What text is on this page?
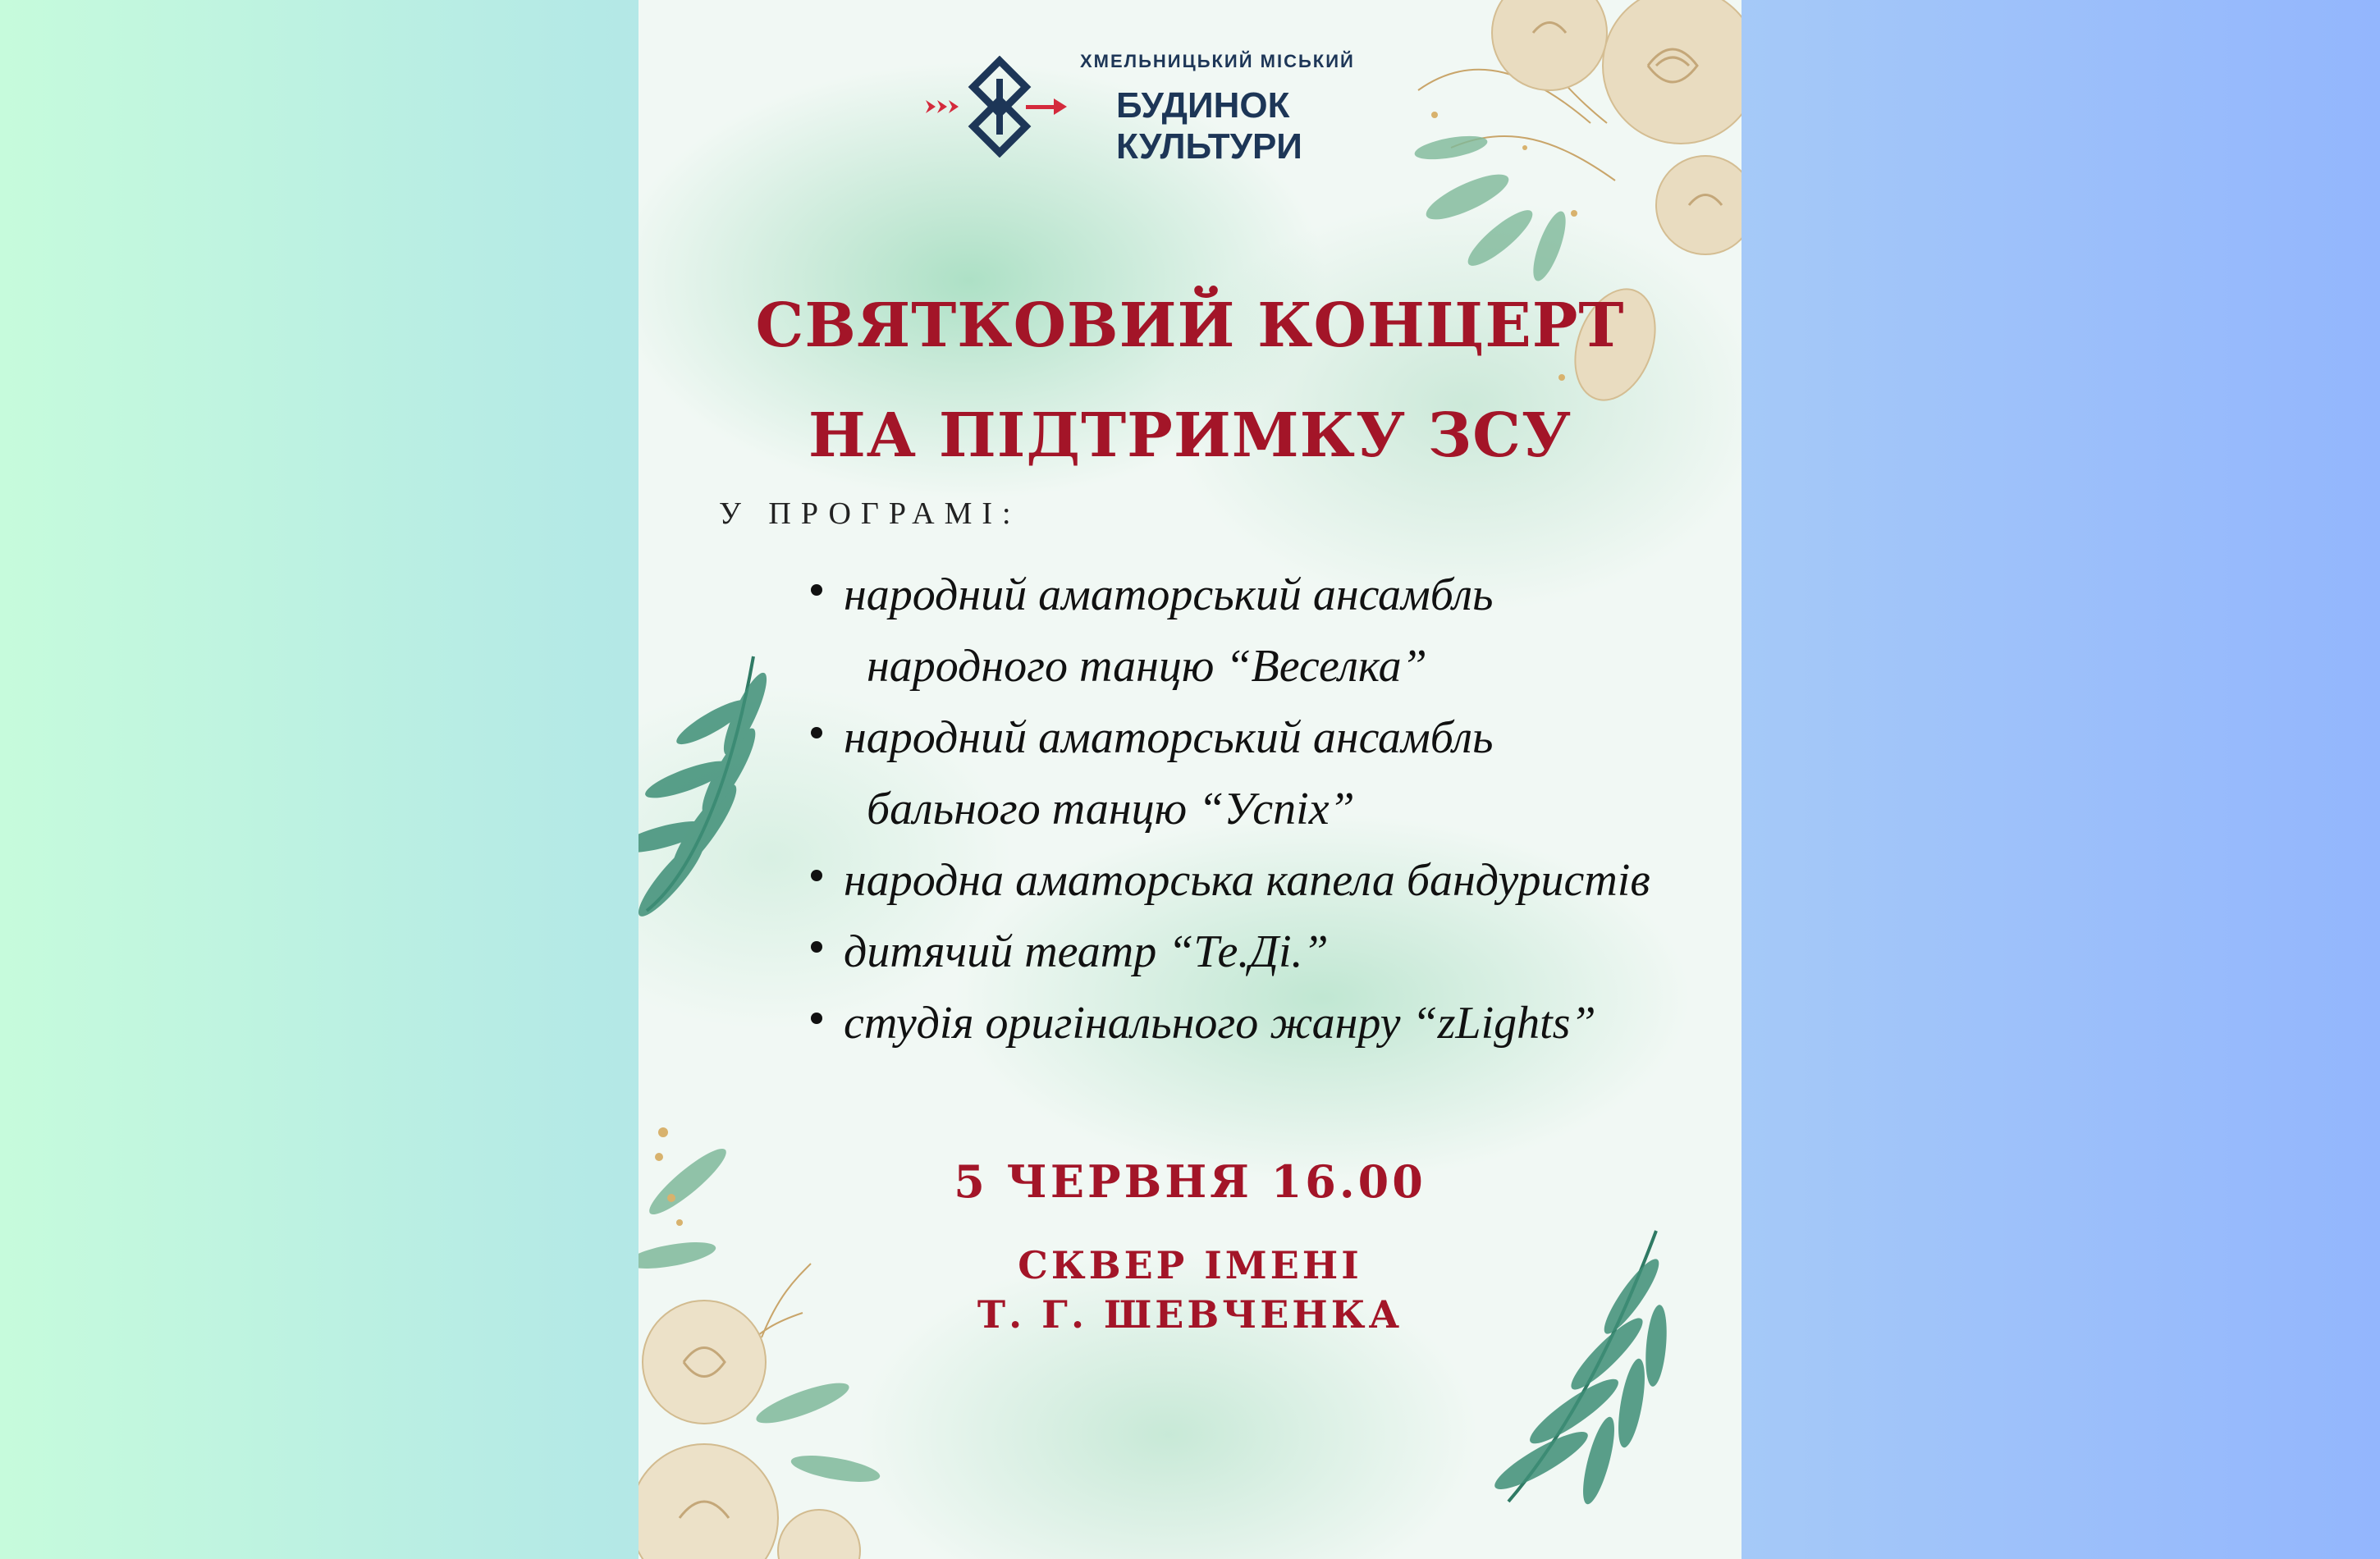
ХМЕЛЬНИЦЬКИЙ МІСЬКИЙ
БУДИНОК
КУЛЬТУРИ
СВЯТКОВИЙ КОНЦЕРТ
НА ПІДТРИМКУ ЗСУ
У ПРОГРАМІ:
народний аматорський ансамбль
народного танцю “Веселка”
народний аматорський ансамбль
бального танцю “Успіх”
народна аматорська капела бандуристів
дитячий театр “Те.Ді.”
студія оригінального жанру “zLights”
5 ЧЕРВНЯ 16.00
СКВЕР ІМЕНІ
Т. Г. ШЕВЧЕНКА
